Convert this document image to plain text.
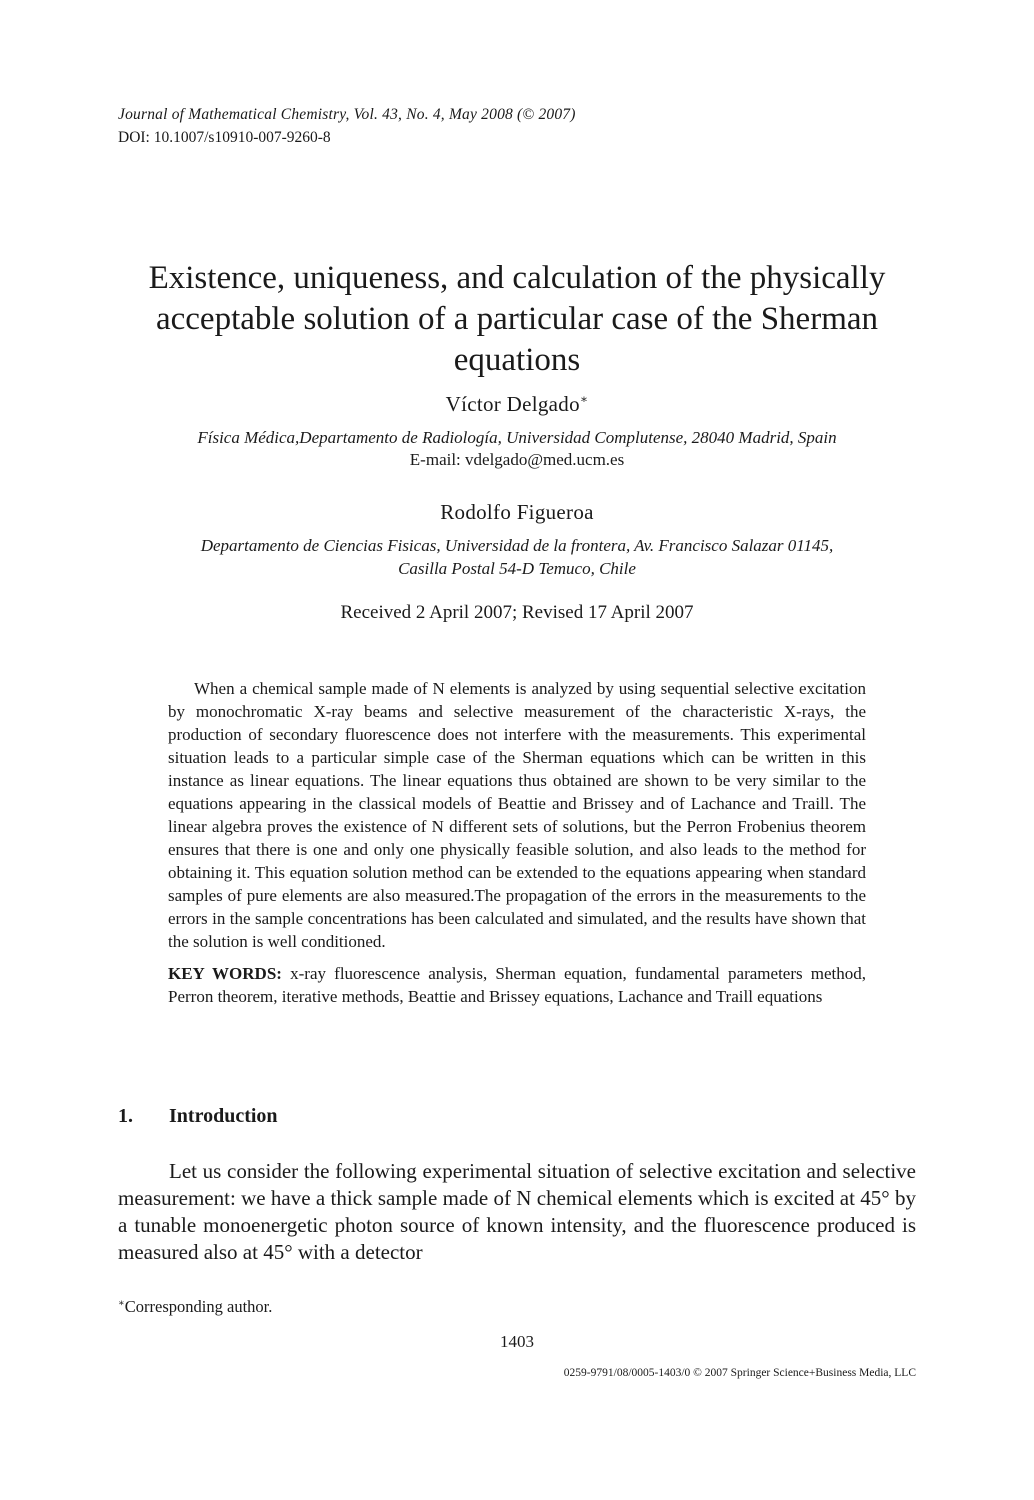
Journal of Mathematical Chemistry, Vol. 43, No. 4, May 2008 (© 2007)
DOI: 10.1007/s10910-007-9260-8
Existence, uniqueness, and calculation of the physically
acceptable solution of a particular case of the Sherman
equations
Víctor Delgado∗
Física Médica,Departamento de Radiología, Universidad Complutense, 28040 Madrid, Spain
E-mail: vdelgado@med.ucm.es
Rodolfo Figueroa
Departamento de Ciencias Fisicas, Universidad de la frontera, Av. Francisco Salazar 01145,
Casilla Postal 54-D Temuco, Chile
Received 2 April 2007; Revised 17 April 2007

When a chemical sample made of N elements is analyzed by using sequential selective excitation by monochromatic X-ray beams and selective measurement of the characteristic X-rays, the production of secondary fluorescence does not interfere with the measurements. This experimental situation leads to a particular simple case of the Sherman equations which can be written in this instance as linear equations. The linear equations thus obtained are shown to be very similar to the equations appearing in the classical models of Beattie and Brissey and of Lachance and Traill. The linear algebra proves the existence of N different sets of solutions, but the Perron Frobenius theorem ensures that there is one and only one physically feasible solution, and also leads to the method for obtaining it. This equation solution method can be extended to the equations appearing when standard samples of pure elements are also measured.The propagation of the errors in the measurements to the errors in the sample concentrations has been calculated and simulated, and the results have shown that the solution is well conditioned.

KEY WORDS: x-ray fluorescence analysis, Sherman equation, fundamental parameters method, Perron theorem, iterative methods, Beattie and Brissey equations, Lachance and Traill equations

1. Introduction

Let us consider the following experimental situation of selective excitation and selective measurement: we have a thick sample made of N chemical elements which is excited at 45° by a tunable monoenergetic photon source of known intensity, and the fluorescence produced is measured also at 45° with a detector

∗Corresponding author.
1403
0259-9791/08/0005-1403/0 © 2007 Springer Science+Business Media, LLC
